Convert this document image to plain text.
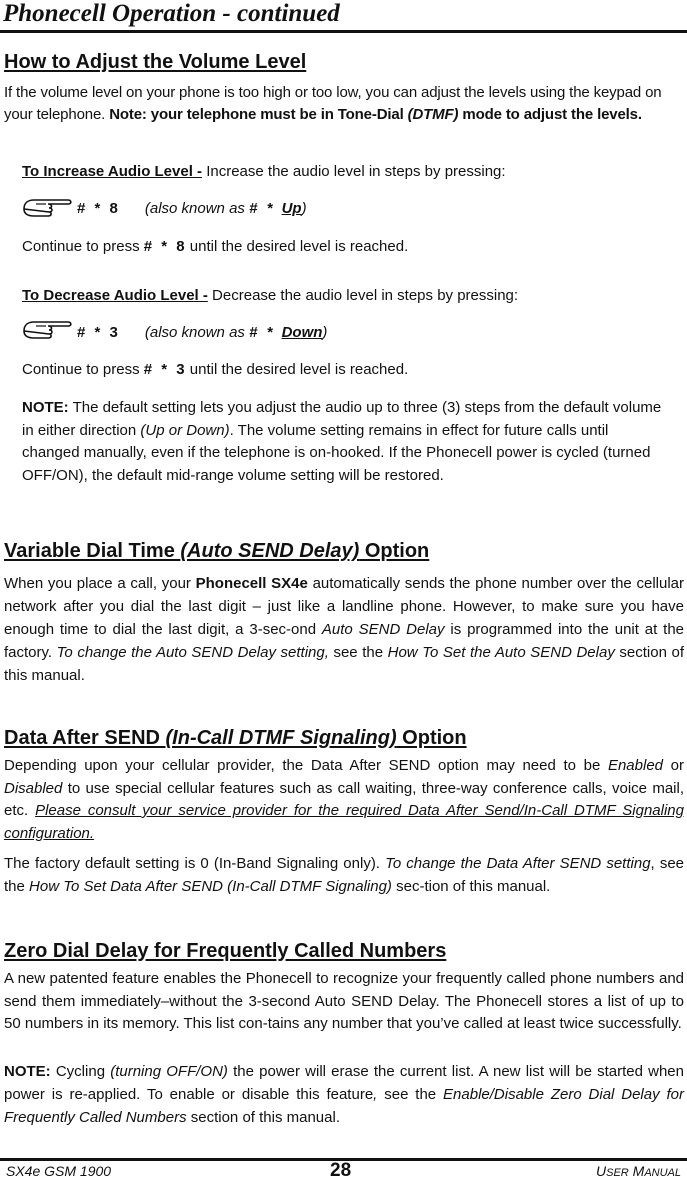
Phonecell Operation - continued
How to Adjust the Volume Level

If the volume level on your phone is too high or too low, you can adjust the levels using the keypad on your telephone. Note: your telephone must be in Tone-Dial (DTMF) mode to adjust the levels.

To Increase Audio Level - Increase the audio level in steps by pressing:
# * 8 (also known as # * Up)
Continue to press # * 8 until the desired level is reached.
To Decrease Audio Level - Decrease the audio level in steps by pressing:
# * 3 (also known as # * Down)
Continue to press # * 3 until the desired level is reached.

NOTE: The default setting lets you adjust the audio up to three (3) steps from the default volume in either direction (Up or Down). The volume setting remains in effect for future calls until changed manually, even if the telephone is on-hooked. If the Phonecell power is cycled (turned OFF/ON), the default mid-range volume setting will be restored.

Variable Dial Time (Auto SEND Delay) Option

When you place a call, your Phonecell SX4e automatically sends the phone number over the cellular network after you dial the last digit – just like a landline phone. However, to make sure you have enough time to dial the last digit, a 3-sec-ond Auto SEND Delay is programmed into the unit at the factory. To change the Auto SEND Delay setting, see the How To Set the Auto SEND Delay section of this manual.

Data After SEND (In-Call DTMF Signaling) Option

Depending upon your cellular provider, the Data After SEND option may need to be Enabled or Disabled to use special cellular features such as call waiting, three-way conference calls, voice mail, etc. Please consult your service provider for the required Data After Send/In-Call DTMF Signaling configuration.

The factory default setting is 0 (In-Band Signaling only). To change the Data After SEND setting, see the How To Set Data After SEND (In-Call DTMF Signaling) sec-tion of this manual.

Zero Dial Delay for Frequently Called Numbers

A new patented feature enables the Phonecell to recognize your frequently called phone numbers and send them immediately–without the 3-second Auto SEND Delay. The Phonecell stores a list of up to 50 numbers in its memory. This list con-tains any number that you’ve called at least twice successfully.

NOTE: Cycling (turning OFF/ON) the power will erase the current list. A new list will be started when power is re-applied. To enable or disable this feature, see the Enable/Disable Zero Dial Delay for Frequently Called Numbers section of this manual.

SX4e GSM 1900	28	USER MANUAL
